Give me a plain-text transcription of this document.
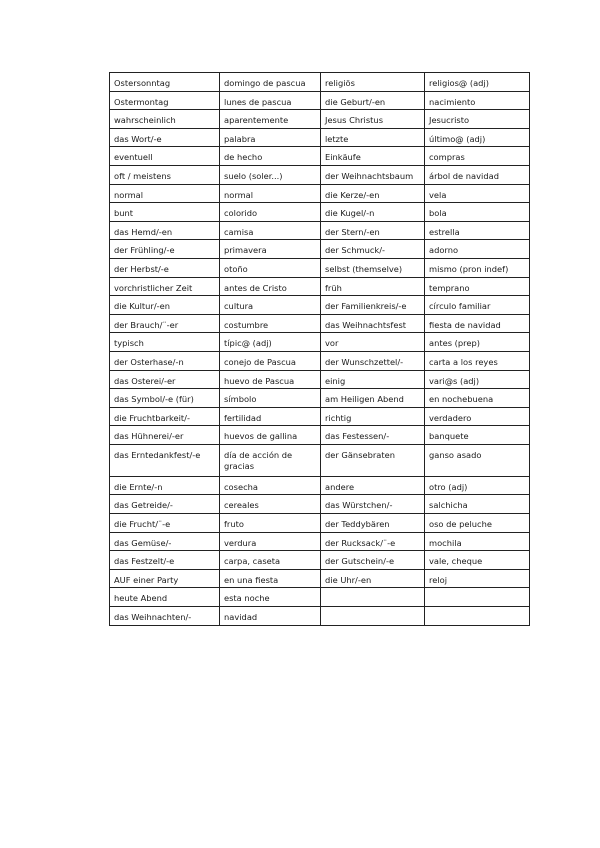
Ostersonntag	domingo de pascua	religiös	religios@ (adj)
Ostermontag	lunes de pascua	die Geburt/-en	nacimiento
wahrscheinlich	aparentemente	Jesus Christus	Jesucristo
das Wort/-e	palabra	letzte	último@ (adj)
eventuell	de hecho	Einkäufe	compras
oft / meistens	suelo (soler...)	der Weihnachtsbaum	árbol de navidad
normal	normal	die Kerze/-en	vela
bunt	colorido	die Kugel/-n	bola
das Hemd/-en	camisa	der Stern/-en	estrella
der Frühling/-e	primavera	der Schmuck/-	adorno
der Herbst/-e	otoño	selbst (themselve)	mismo (pron indef)
vorchristlicher Zeit	antes de Cristo	früh	temprano
die Kultur/-en	cultura	der Familienkreis/-e	círculo familiar
der Brauch/¨-er	costumbre	das Weihnachtsfest	fiesta de navidad
typisch	típic@ (adj)	vor	antes (prep)
der Osterhase/-n	conejo de Pascua	der Wunschzettel/-	carta a los reyes
das Osterei/-er	huevo de Pascua	einig	vari@s (adj)
das Symbol/-e (für)	símbolo	am Heiligen Abend	en nochebuena
die Fruchtbarkeit/-	fertilidad	richtig	verdadero
das Hühnerei/-er	huevos de gallina	das Festessen/-	banquete
das Erntedankfest/-e	día de acción de gracias	der Gänsebraten	ganso asado
die Ernte/-n	cosecha	andere	otro (adj)
das Getreide/-	cereales	das Würstchen/-	salchicha
die Frucht/¨-e	fruto	der Teddybären	oso de peluche
das Gemüse/-	verdura	der Rucksack/¨-e	mochila
das Festzelt/-e	carpa, caseta	der Gutschein/-e	vale, cheque
AUF einer Party	en una fiesta	die Uhr/-en	reloj
heute Abend	esta noche		
das Weihnachten/-	navidad		
